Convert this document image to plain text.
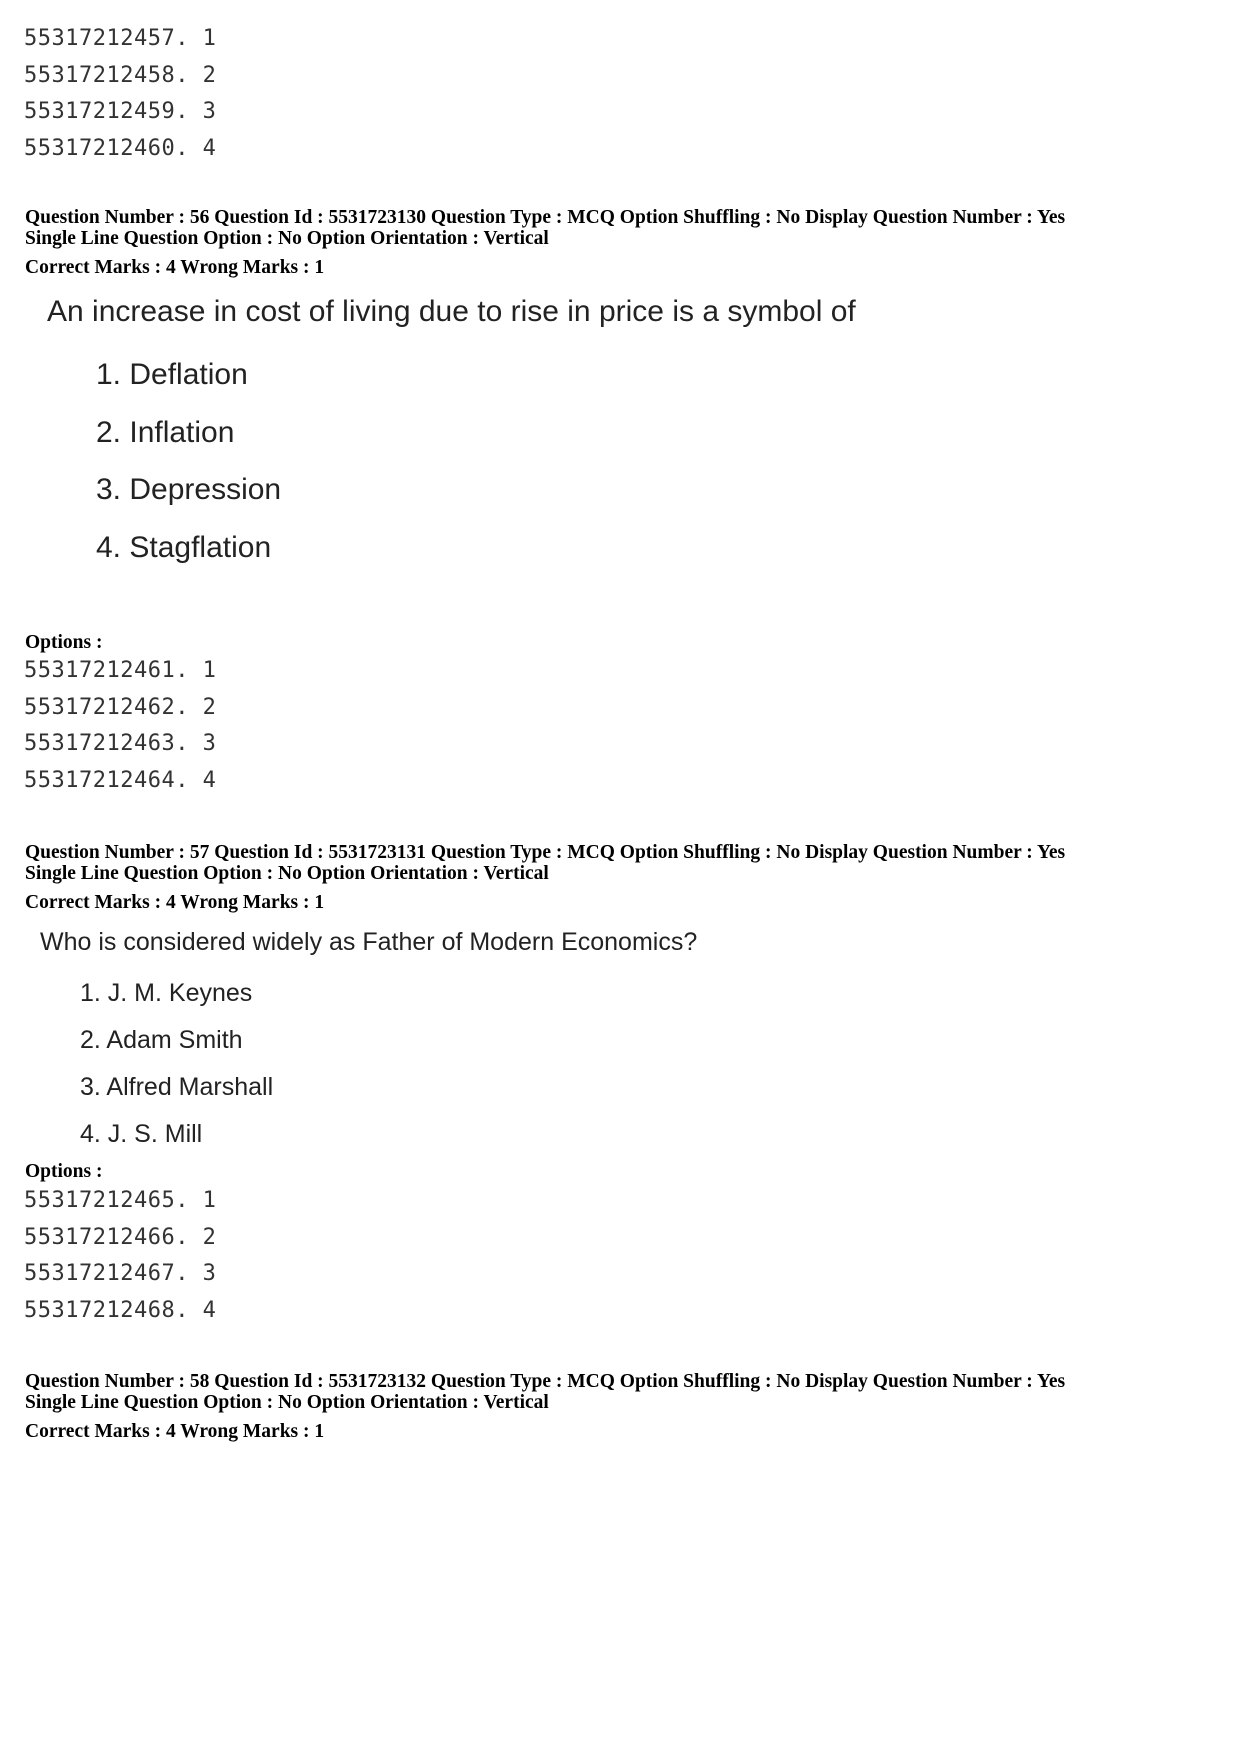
55317212457. 1
55317212458. 2
55317212459. 3
55317212460. 4
Question Number : 56 Question Id : 5531723130 Question Type : MCQ Option Shuffling : No Display Question Number : Yes
Single Line Question Option : No Option Orientation : Vertical
Correct Marks : 4 Wrong Marks : 1

An increase in cost of living due to rise in price is a symbol of

1. Deflation
2. Inflation
3. Depression
4. Stagflation
Options :
55317212461. 1
55317212462. 2
55317212463. 3
55317212464. 4
Question Number : 57 Question Id : 5531723131 Question Type : MCQ Option Shuffling : No Display Question Number : Yes
Single Line Question Option : No Option Orientation : Vertical
Correct Marks : 4 Wrong Marks : 1

Who is considered widely as Father of Modern Economics?

1. J. M. Keynes
2. Adam Smith
3. Alfred Marshall
4. J. S. Mill
Options :
55317212465. 1
55317212466. 2
55317212467. 3
55317212468. 4
Question Number : 58 Question Id : 5531723132 Question Type : MCQ Option Shuffling : No Display Question Number : Yes
Single Line Question Option : No Option Orientation : Vertical
Correct Marks : 4 Wrong Marks : 1
